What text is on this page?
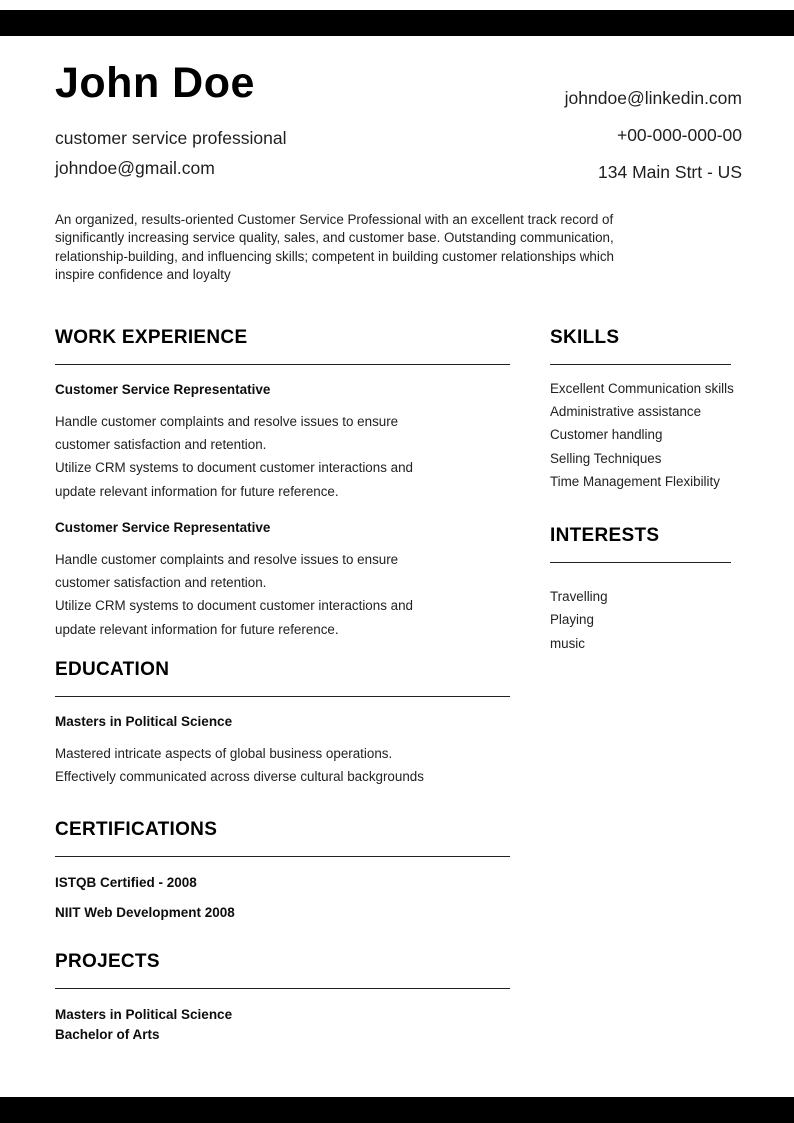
John Doe
customer service professional
johndoe@gmail.com
johndoe@linkedin.com
+00-000-000-00
134 Main Strt - US
An organized, results-oriented Customer Service Professional with an excellent track record of
significantly increasing service quality, sales, and customer base. Outstanding communication,
relationship-building, and influencing skills; competent in building customer relationships which
inspire confidence and loyalty
WORK EXPERIENCE
Customer Service Representative
Handle customer complaints and resolve issues to ensure
customer satisfaction and retention.
Utilize CRM systems to document customer interactions and
update relevant information for future reference.
Customer Service Representative
Handle customer complaints and resolve issues to ensure
customer satisfaction and retention.
Utilize CRM systems to document customer interactions and
update relevant information for future reference.
EDUCATION
Masters in Political Science
Mastered intricate aspects of global business operations.
Effectively communicated across diverse cultural backgrounds
CERTIFICATIONS
ISTQB Certified - 2008
NIIT Web Development 2008
PROJECTS
Masters in Political Science
Bachelor of Arts
SKILLS
Excellent Communication skills
Administrative assistance
Customer handling
Selling Techniques
Time Management Flexibility
INTERESTS
Travelling
Playing
music
